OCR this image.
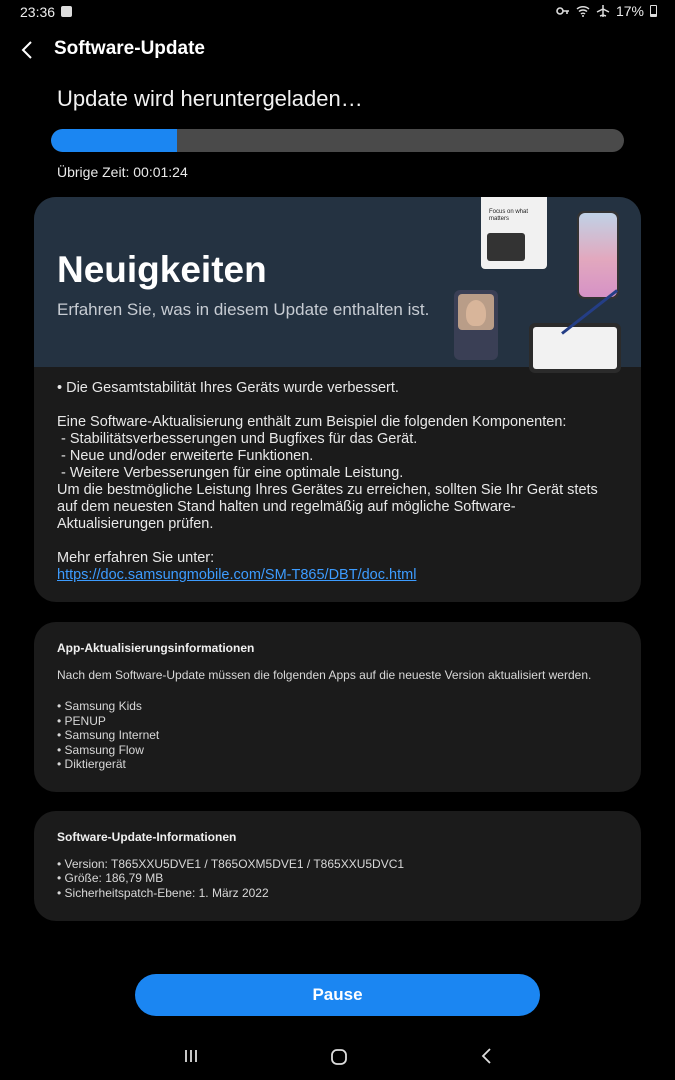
23:36	17%
Software-Update
Update wird heruntergeladen…
Übrige Zeit: 00:01:24
Neuigkeiten
Erfahren Sie, was in diesem Update enthalten ist.
Focus on what matters

• Die Gesamtstabilität Ihres Geräts wurde verbessert.

Eine Software-Aktualisierung enthält zum Beispiel die folgenden Komponenten:

- Stabilitätsverbesserungen und Bugfixes für das Gerät.

- Neue und/oder erweiterte Funktionen.

- Weitere Verbesserungen für eine optimale Leistung.

Um die bestmögliche Leistung Ihres Gerätes zu erreichen, sollten Sie Ihr Gerät stets auf dem neuesten Stand halten und regelmäßig auf mögliche Software-Aktualisierungen prüfen.

Mehr erfahren Sie unter:

https://doc.samsungmobile.com/SM-T865/DBT/doc.html

App-Aktualisierungsinformationen

Nach dem Software-Update müssen die folgenden Apps auf die neueste Version aktualisiert werden.

• Samsung Kids

• PENUP

• Samsung Internet

• Samsung Flow

• Diktiergerät

Software-Update-Informationen

• Version: T865XXU5DVE1 / T865OXM5DVE1 / T865XXU5DVC1

• Größe: 186,79 MB

• Sicherheitspatch-Ebene: 1. März 2022

Pause
